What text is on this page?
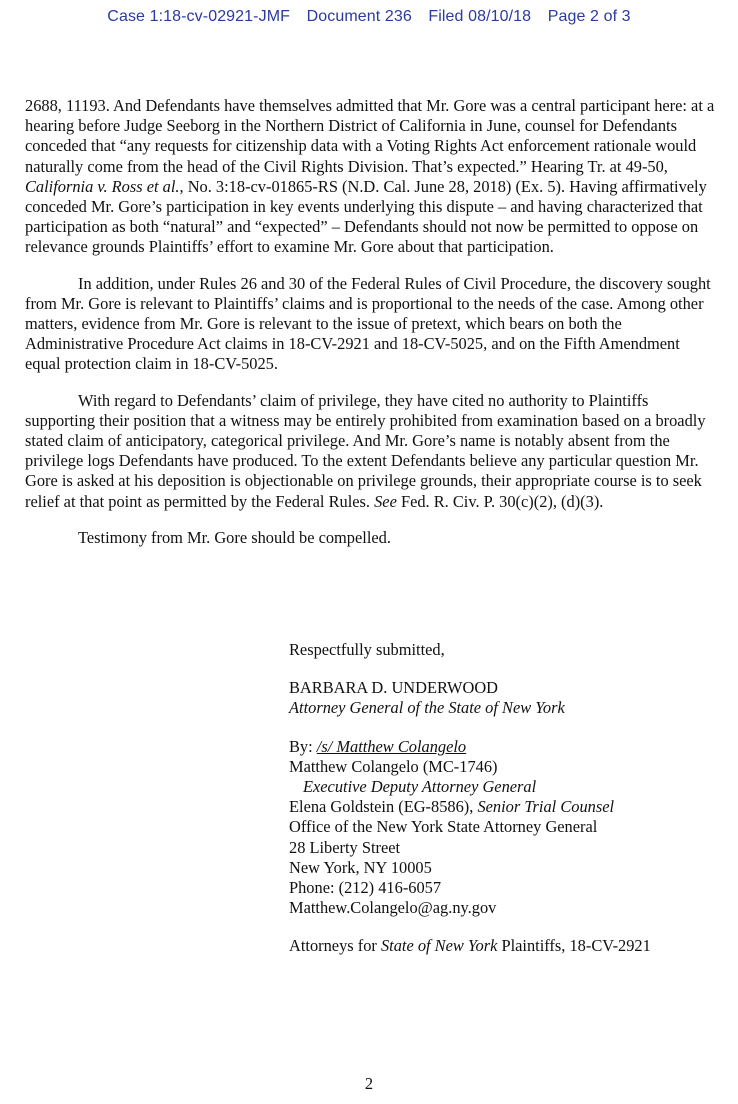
Case 1:18-cv-02921-JMF Document 236 Filed 08/10/18 Page 2 of 3

2688, 11193. And Defendants have themselves admitted that Mr. Gore was a central participant here: at a hearing before Judge Seeborg in the Northern District of California in June, counsel for Defendants conceded that “any requests for citizenship data with a Voting Rights Act enforcement rationale would naturally come from the head of the Civil Rights Division. That’s expected.” Hearing Tr. at 49-50, California v. Ross et al., No. 3:18-cv-01865-RS (N.D. Cal. June 28, 2018) (Ex. 5). Having affirmatively conceded Mr. Gore’s participation in key events underlying this dispute – and having characterized that participation as both “natural” and “expected” – Defendants should not now be permitted to oppose on relevance grounds Plaintiffs’ effort to examine Mr. Gore about that participation.

In addition, under Rules 26 and 30 of the Federal Rules of Civil Procedure, the discovery sought from Mr. Gore is relevant to Plaintiffs’ claims and is proportional to the needs of the case. Among other matters, evidence from Mr. Gore is relevant to the issue of pretext, which bears on both the Administrative Procedure Act claims in 18-CV-2921 and 18-CV-5025, and on the Fifth Amendment equal protection claim in 18-CV-5025.

With regard to Defendants’ claim of privilege, they have cited no authority to Plaintiffs supporting their position that a witness may be entirely prohibited from examination based on a broadly stated claim of anticipatory, categorical privilege. And Mr. Gore’s name is notably absent from the privilege logs Defendants have produced. To the extent Defendants believe any particular question Mr. Gore is asked at his deposition is objectionable on privilege grounds, their appropriate course is to seek relief at that point as permitted by the Federal Rules. See Fed. R. Civ. P. 30(c)(2), (d)(3).

Testimony from Mr. Gore should be compelled.

Respectfully submitted,
BARBARA D. UNDERWOOD
Attorney General of the State of New York
By: /s/ Matthew Colangelo
Matthew Colangelo (MC-1746)
Executive Deputy Attorney General
Elena Goldstein (EG-8586), Senior Trial Counsel
Office of the New York State Attorney General
28 Liberty Street
New York, NY 10005
Phone: (212) 416-6057
Matthew.Colangelo@ag.ny.gov
Attorneys for State of New York Plaintiffs, 18-CV-2921
2
